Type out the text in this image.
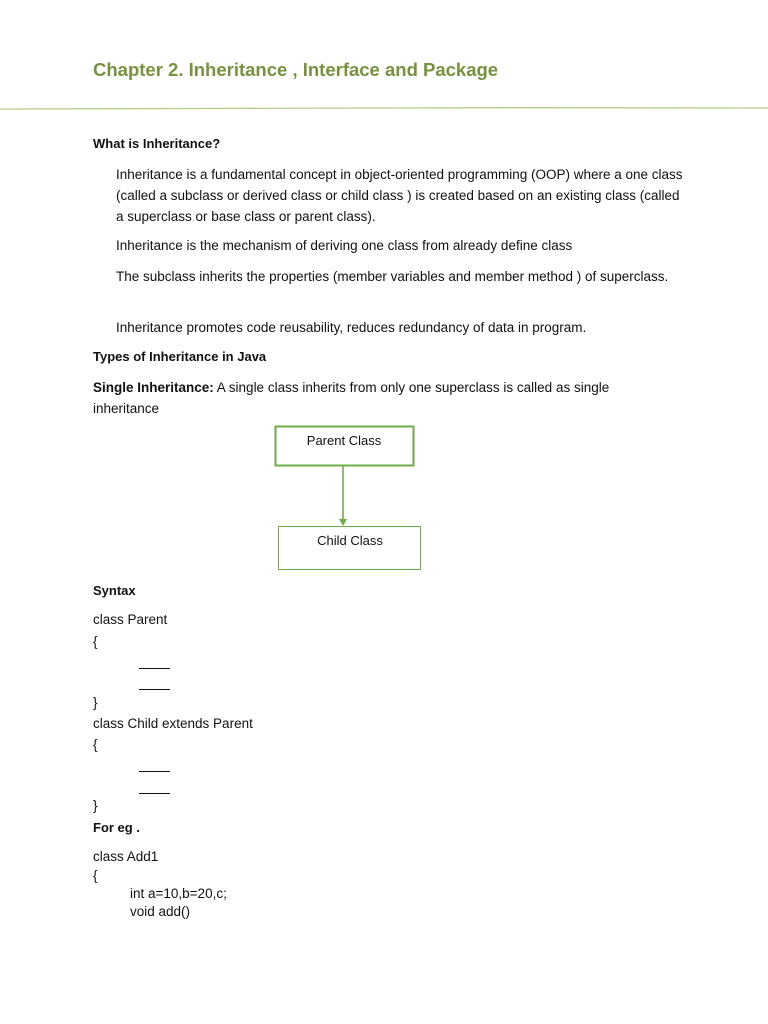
Chapter 2. Inheritance , Interface and Package
What is Inheritance?
Inheritance is a fundamental concept in object-oriented programming (OOP) where a one class (called a subclass or derived class or child class ) is created based on an existing class (called a superclass or base class or parent class).
Inheritance is the mechanism of deriving one class from already define class
The subclass inherits the properties (member variables and member method ) of superclass.
Inheritance promotes code reusability, reduces redundancy of data in program.
Types of Inheritance in Java
Single Inheritance: A single class inherits from only one superclass is called as single inheritance
Parent Class
Child Class
Syntax
class Parent
{
}
class Child extends Parent
{
}
For eg .
class Add1
{
int a=10,b=20,c;
void add()
